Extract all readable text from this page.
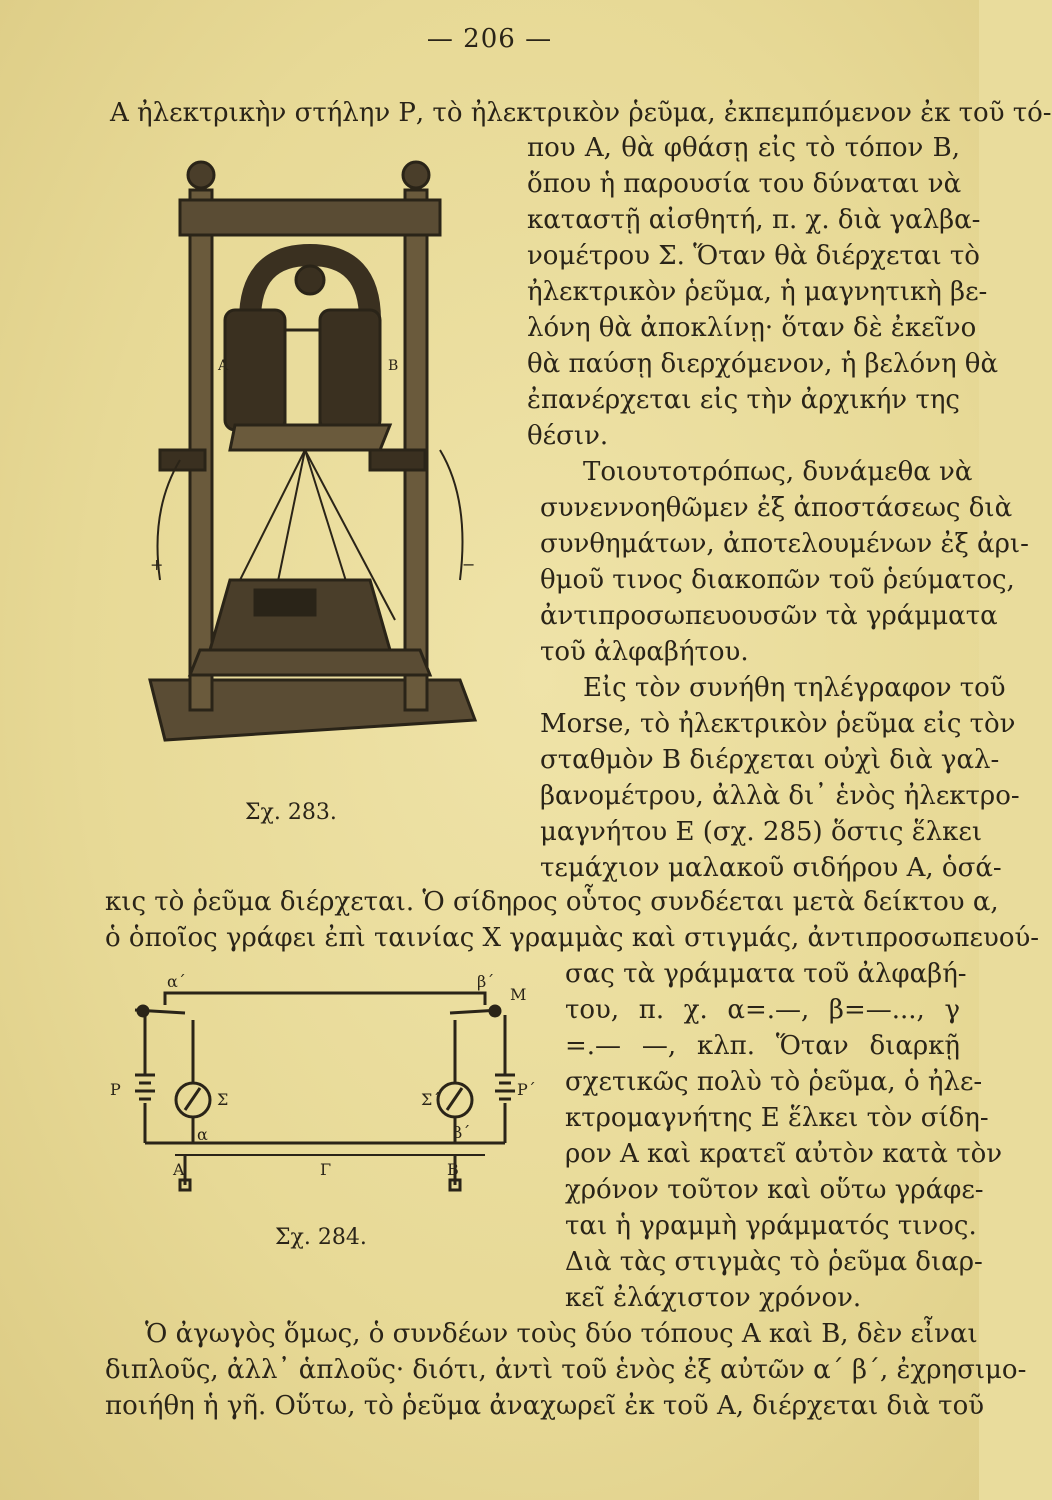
— 206 —
Α ἠλεκτρικὴν στήλην Ρ, τὸ ἠλεκτρικὸν ῥεῦμα, ἐκπεμπόμενον ἐκ τοῦ τό-
που Α, θὰ φθάσῃ εἰς τὸ τόπον Β,
ὅπου ἡ παρουσία του δύναται νὰ
καταστῇ αἰσθητή, π. χ. διὰ γαλβα-
νομέτρου Σ. Ὅταν θὰ διέρχεται τὸ
ἠλεκτρικὸν ῥεῦμα, ἡ μαγνητικὴ βε-
λόνη θὰ ἀποκλίνῃ· ὅταν δὲ ἐκεῖνο
θὰ παύσῃ διερχόμενον, ἡ βελόνη θὰ
ἐπανέρχεται εἰς τὴν ἀρχικήν της
θέσιν.
Τοιουτοτρόπως, δυνάμεθα νὰ
συνεννοηθῶμεν ἐξ ἀποστάσεως διὰ
συνθημάτων, ἀποτελουμένων ἐξ ἀρι-
θμοῦ τινος διακοπῶν τοῦ ῥεύματος,
ἀντιπροσωπευουσῶν τὰ γράμματα
τοῦ ἀλφαβήτου.
Εἰς τὸν συνήθη τηλέγραφον τοῦ
Morse, τὸ ἠλεκτρικὸν ῥεῦμα εἰς τὸν
σταθμὸν Β διέρχεται οὐχὶ διὰ γαλ-
βανομέτρου, ἀλλὰ δι᾽ ἑνὸς ἠλεκτρο-
μαγνήτου Ε (σχ. 285) ὅστις ἕλκει
τεμάχιον μαλακοῦ σιδήρου Α, ὁσά-
κις τὸ ῥεῦμα διέρχεται. Ὁ σίδηρος οὗτος συνδέεται μετὰ δείκτου α,
ὁ ὁποῖος γράφει ἐπὶ ταινίας Χ γραμμὰς καὶ στιγμάς, ἀντιπροσωπευού-
σας τὰ γράμματα τοῦ ἀλφαβή-
του, π. χ. α=.—, β=—..., γ
=.— —, κλπ. Ὅταν διαρκῇ
σχετικῶς πολὺ τὸ ῥεῦμα, ὁ ἠλε-
κτρομαγνήτης Ε ἕλκει τὸν σίδη-
ρον Α καὶ κρατεῖ αὐτὸν κατὰ τὸν
χρόνον τοῦτον καὶ οὕτω γράφε-
ται ἡ γραμμὴ γράμματός τινος.
Διὰ τὰς στιγμὰς τὸ ῥεῦμα διαρ-
κεῖ ἐλάχιστον χρόνον.
Ὁ ἀγωγὸς ὅμως, ὁ συνδέων τοὺς δύο τόπους Α καὶ Β, δὲν εἶναι
διπλοῦς, ἀλλ᾽ ἁπλοῦς· διότι, ἀντὶ τοῦ ἑνὸς ἐξ αὐτῶν α´ β´, ἐχρησιμο-
ποιήθη ἡ γῆ. Οὕτω, τὸ ῥεῦμα ἀναχωρεῖ ἐκ τοῦ Α, διέρχεται διὰ τοῦ
Α	Β
+	−
Σχ. 283.
Ρ	Ρ´
Σ	Σ´
Α	Β
Γ
α	β´
Μ
α´	β´
Σχ. 284.
